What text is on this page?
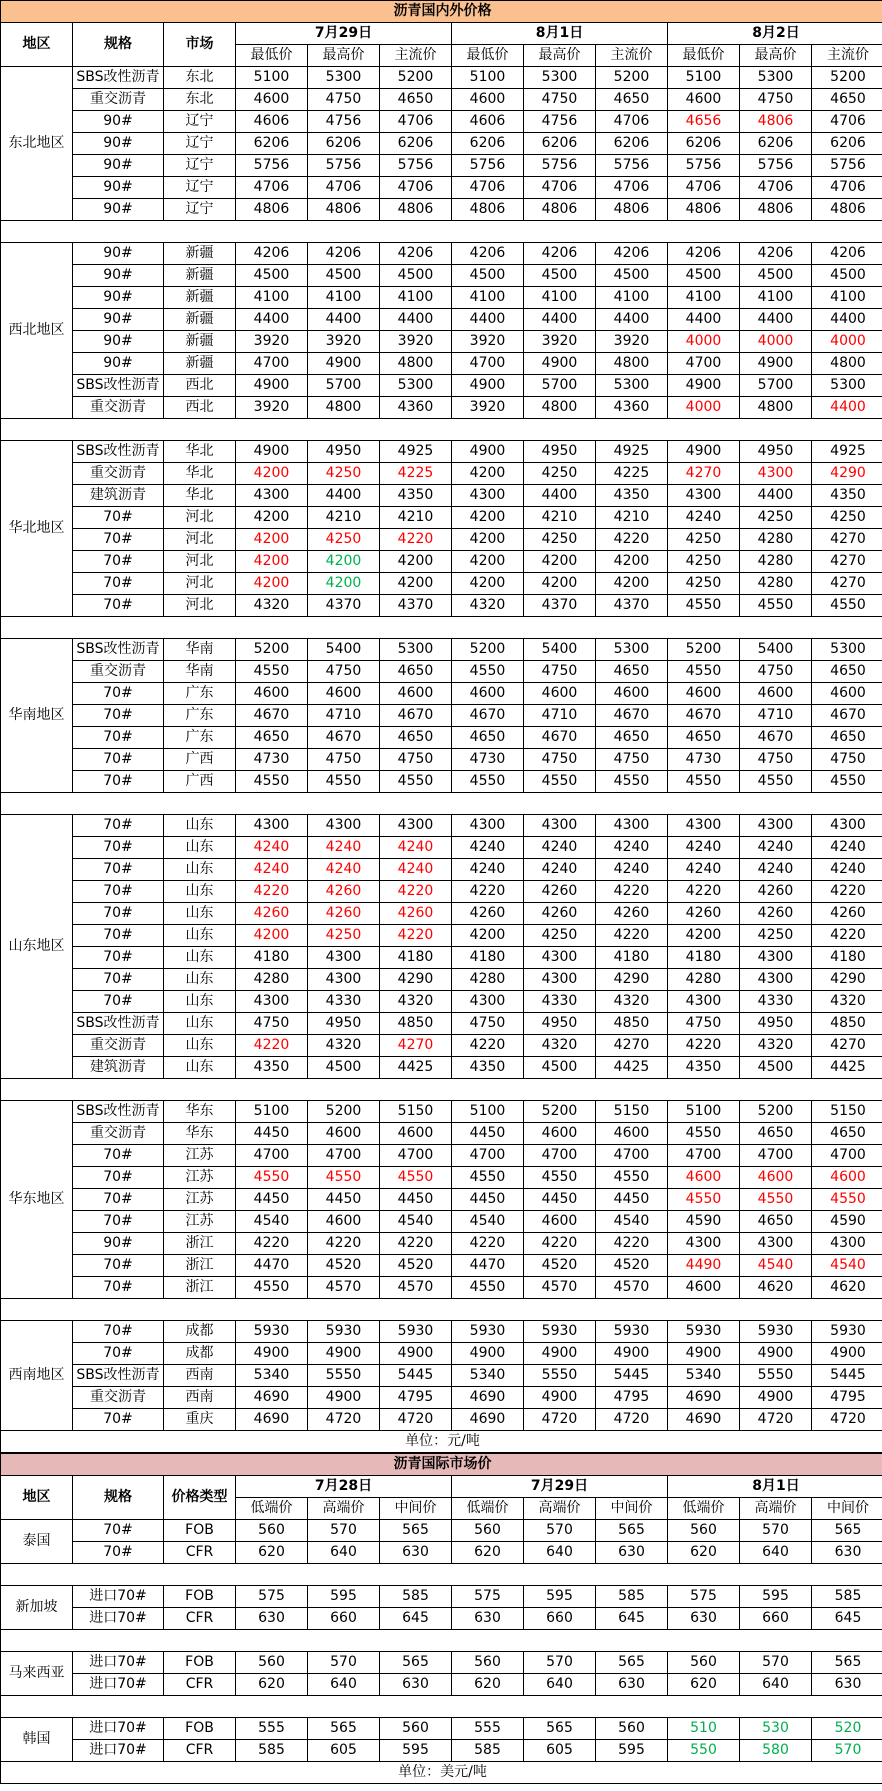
沥青国内外价格											
地区	规格	市场	7月29日			8月1日			8月2日		
			最低价	最高价	主流价	最低价	最高价	主流价	最低价	最高价	主流价
东北地区	SBS改性沥青	东北	5100	5300	5200	5100	5300	5200	5100	5300	5200
	重交沥青	东北	4600	4750	4650	4600	4750	4650	4600	4750	4650
	90#	辽宁	4606	4756	4706	4606	4756	4706	4656	4806	4706
	90#	辽宁	6206	6206	6206	6206	6206	6206	6206	6206	6206
	90#	辽宁	5756	5756	5756	5756	5756	5756	5756	5756	5756
	90#	辽宁	4706	4706	4706	4706	4706	4706	4706	4706	4706
	90#	辽宁	4806	4806	4806	4806	4806	4806	4806	4806	4806

西北地区	90#	新疆	4206	4206	4206	4206	4206	4206	4206	4206	4206
	90#	新疆	4500	4500	4500	4500	4500	4500	4500	4500	4500
	90#	新疆	4100	4100	4100	4100	4100	4100	4100	4100	4100
	90#	新疆	4400	4400	4400	4400	4400	4400	4400	4400	4400
	90#	新疆	3920	3920	3920	3920	3920	3920	4000	4000	4000
	90#	新疆	4700	4900	4800	4700	4900	4800	4700	4900	4800
	SBS改性沥青	西北	4900	5700	5300	4900	5700	5300	4900	5700	5300
	重交沥青	西北	3920	4800	4360	3920	4800	4360	4000	4800	4400

华北地区	SBS改性沥青	华北	4900	4950	4925	4900	4950	4925	4900	4950	4925
	重交沥青	华北	4200	4250	4225	4200	4250	4225	4270	4300	4290
	建筑沥青	华北	4300	4400	4350	4300	4400	4350	4300	4400	4350
	70#	河北	4200	4210	4210	4200	4210	4210	4240	4250	4250
	70#	河北	4200	4250	4220	4200	4250	4220	4250	4280	4270
	70#	河北	4200	4200	4200	4200	4200	4200	4250	4280	4270
	70#	河北	4200	4200	4200	4200	4200	4200	4250	4280	4270
	70#	河北	4320	4370	4370	4320	4370	4370	4550	4550	4550

华南地区	SBS改性沥青	华南	5200	5400	5300	5200	5400	5300	5200	5400	5300
	重交沥青	华南	4550	4750	4650	4550	4750	4650	4550	4750	4650
	70#	广东	4600	4600	4600	4600	4600	4600	4600	4600	4600
	70#	广东	4670	4710	4670	4670	4710	4670	4670	4710	4670
	70#	广东	4650	4670	4650	4650	4670	4650	4650	4670	4650
	70#	广西	4730	4750	4750	4730	4750	4750	4730	4750	4750
	70#	广西	4550	4550	4550	4550	4550	4550	4550	4550	4550

山东地区	70#	山东	4300	4300	4300	4300	4300	4300	4300	4300	4300
	70#	山东	4240	4240	4240	4240	4240	4240	4240	4240	4240
	70#	山东	4240	4240	4240	4240	4240	4240	4240	4240	4240
	70#	山东	4220	4260	4220	4220	4260	4220	4220	4260	4220
	70#	山东	4260	4260	4260	4260	4260	4260	4260	4260	4260
	70#	山东	4200	4250	4220	4200	4250	4220	4200	4250	4220
	70#	山东	4180	4300	4180	4180	4300	4180	4180	4300	4180
	70#	山东	4280	4300	4290	4280	4300	4290	4280	4300	4290
	70#	山东	4300	4330	4320	4300	4330	4320	4300	4330	4320
	SBS改性沥青	山东	4750	4950	4850	4750	4950	4850	4750	4950	4850
	重交沥青	山东	4220	4320	4270	4220	4320	4270	4220	4320	4270
	建筑沥青	山东	4350	4500	4425	4350	4500	4425	4350	4500	4425

华东地区	SBS改性沥青	华东	5100	5200	5150	5100	5200	5150	5100	5200	5150
	重交沥青	华东	4450	4600	4600	4450	4600	4600	4550	4650	4650
	70#	江苏	4700	4700	4700	4700	4700	4700	4700	4700	4700
	70#	江苏	4550	4550	4550	4550	4550	4550	4600	4600	4600
	70#	江苏	4450	4450	4450	4450	4450	4450	4550	4550	4550
	70#	江苏	4540	4600	4540	4540	4600	4540	4590	4650	4590
	90#	浙江	4220	4220	4220	4220	4220	4220	4300	4300	4300
	70#	浙江	4470	4520	4520	4470	4520	4520	4490	4540	4540
	70#	浙江	4550	4570	4570	4550	4570	4570	4600	4620	4620

西南地区	70#	成都	5930	5930	5930	5930	5930	5930	5930	5930	5930
	70#	成都	4900	4900	4900	4900	4900	4900	4900	4900	4900
	SBS改性沥青	西南	5340	5550	5445	5340	5550	5445	5340	5550	5445
	重交沥青	西南	4690	4900	4795	4690	4900	4795	4690	4900	4795
	70#	重庆	4690	4720	4720	4690	4720	4720	4690	4720	4720
单位：元/吨											
沥青国际市场价											
地区	规格	价格类型	7月28日			7月29日			8月1日		
			低端价	高端价	中间价	低端价	高端价	中间价	低端价	高端价	中间价
泰国	70#	FOB	560	570	565	560	570	565	560	570	565
	70#	CFR	620	640	630	620	640	630	620	640	630

新加坡	进口70#	FOB	575	595	585	575	595	585	575	595	585
	进口70#	CFR	630	660	645	630	660	645	630	660	645

马来西亚	进口70#	FOB	560	570	565	560	570	565	560	570	565
	进口70#	CFR	620	640	630	620	640	630	620	640	630

韩国	进口70#	FOB	555	565	560	555	565	560	510	530	520
	进口70#	CFR	585	605	595	585	605	595	550	580	570
单位：美元/吨											
